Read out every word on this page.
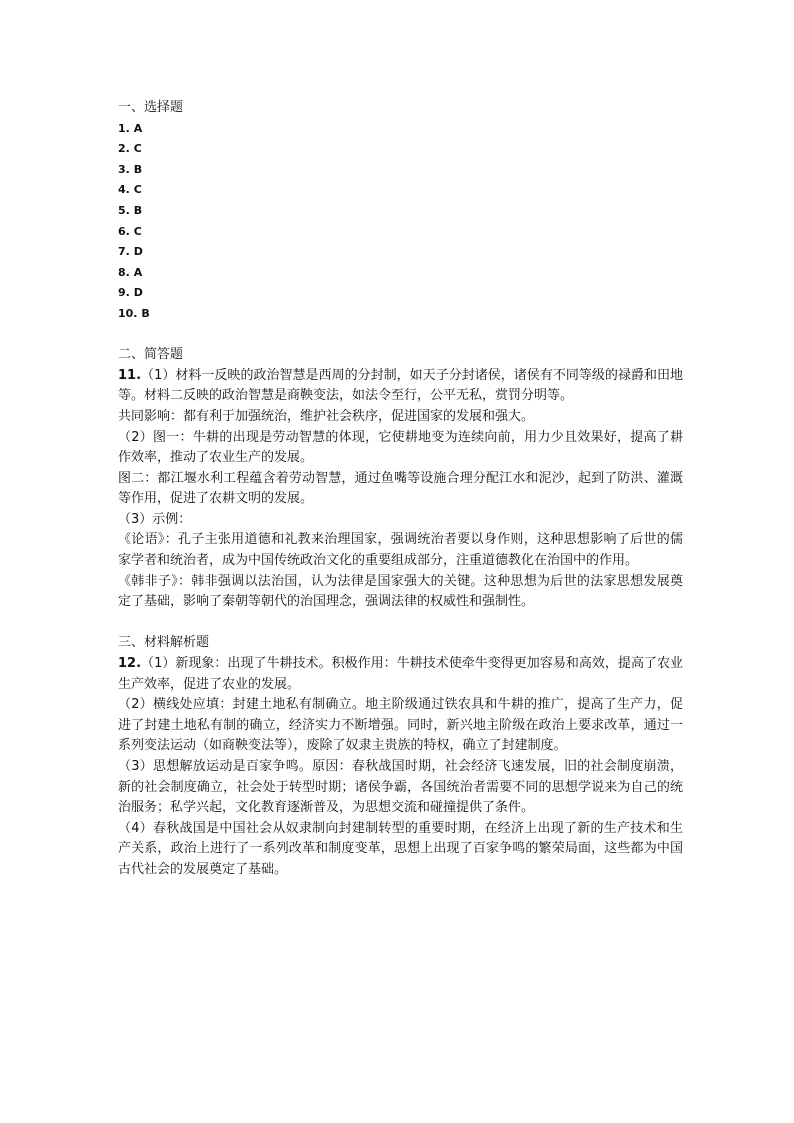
一、选择题
1. A
2. C
3. B
4. C
5. B
6. C
7. D
8. A
9. D
10. B
二、简答题

11.（1）材料一反映的政治智慧是西周的分封制，如天子分封诸侯，诸侯有不同等级的禄爵和田地等。材料二反映的政治智慧是商鞅变法，如法令至行，公平无私，赏罚分明等。

共同影响：都有利于加强统治，维护社会秩序，促进国家的发展和强大。

（2）图一：牛耕的出现是劳动智慧的体现，它使耕地变为连续向前，用力少且效果好，提高了耕作效率，推动了农业生产的发展。

图二：都江堰水利工程蕴含着劳动智慧，通过鱼嘴等设施合理分配江水和泥沙，起到了防洪、灌溉等作用，促进了农耕文明的发展。

（3）示例：

《论语》：孔子主张用道德和礼教来治理国家，强调统治者要以身作则，这种思想影响了后世的儒家学者和统治者，成为中国传统政治文化的重要组成部分，注重道德教化在治国中的作用。

《韩非子》：韩非强调以法治国，认为法律是国家强大的关键。这种思想为后世的法家思想发展奠定了基础，影响了秦朝等朝代的治国理念，强调法律的权威性和强制性。

三、材料解析题

12.（1）新现象：出现了牛耕技术。积极作用：牛耕技术使牵牛变得更加容易和高效，提高了农业生产效率，促进了农业的发展。

（2）横线处应填：封建土地私有制确立。地主阶级通过铁农具和牛耕的推广，提高了生产力，促进了封建土地私有制的确立，经济实力不断增强。同时，新兴地主阶级在政治上要求改革，通过一系列变法运动（如商鞅变法等），废除了奴隶主贵族的特权，确立了封建制度。

（3）思想解放运动是百家争鸣。原因：春秋战国时期，社会经济飞速发展，旧的社会制度崩溃，新的社会制度确立，社会处于转型时期；诸侯争霸，各国统治者需要不同的思想学说来为自己的统治服务；私学兴起，文化教育逐渐普及，为思想交流和碰撞提供了条件。

（4）春秋战国是中国社会从奴隶制向封建制转型的重要时期，在经济上出现了新的生产技术和生产关系，政治上进行了一系列改革和制度变革，思想上出现了百家争鸣的繁荣局面，这些都为中国古代社会的发展奠定了基础。
